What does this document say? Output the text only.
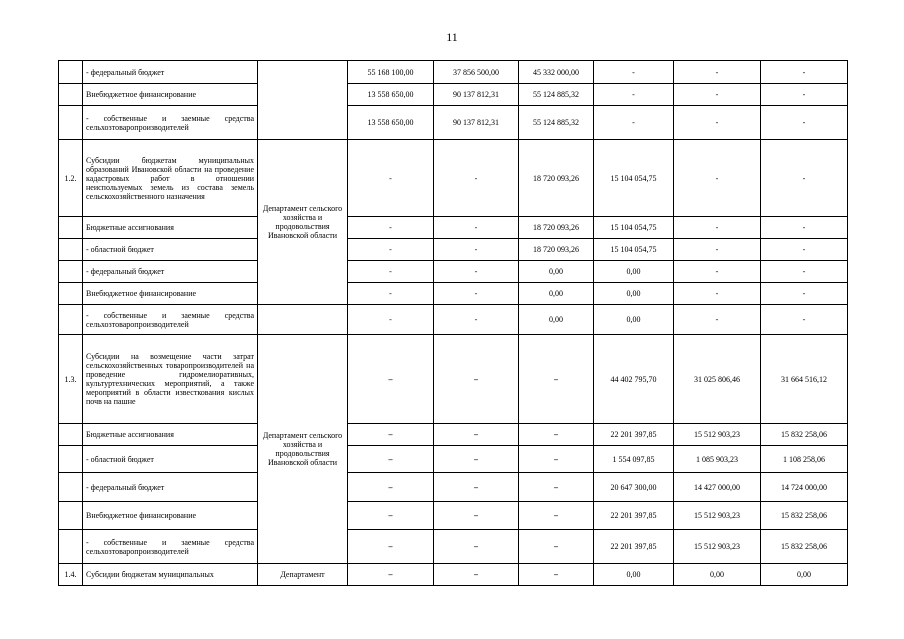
11
	- федеральный бюджет		55 168 100,00	37 856 500,00	45 332 000,00	-	-	-
	Внебюджетное финансирование		13 558 650,00	90 137 812,31	55 124 885,32	-	-	-
	- собственные и заемные средства сельхозтоваропроизводителей		13 558 650,00	90 137 812,31	55 124 885,32	-	-	-
1.2.	Субсидии бюджетам муниципальных образований Ивановской области на проведение кадастровых работ в отношении неиспользуемых земель из состава земель сельскохозяйственного назначения	Департамент сельского хозяйства и продовольствия Ивановской области	-	-	18 720 093,26	15 104 054,75	-	-
	Бюджетные ассигнования		-	-	18 720 093,26	15 104 054,75	-	-
	- областной бюджет		-	-	18 720 093,26	15 104 054,75	-	-
	- федеральный бюджет		-	-	0,00	0,00	-	-
	Внебюджетное финансирование		-	-	0,00	0,00	-	-
	- собственные и заемные средства сельхозтоваропроизводителей		-	-	0,00	0,00	-	-
1.3.	Субсидии на возмещение части затрат сельскохозяйственных товаропроизводителей на проведение гидромелиоративных, культуртехнических мероприятий, а также мероприятий в области известкования кислых почв на пашне	Департамент сельского хозяйства и продовольствия Ивановской области	–	–	–	44 402 795,70	31 025 806,46	31 664 516,12
	Бюджетные ассигнования		–	–	–	22 201 397,85	15 512 903,23	15 832 258,06
	- областной бюджет		–	–	–	1 554 097,85	1 085 903,23	1 108 258,06
	- федеральный бюджет		–	–	–	20 647 300,00	14 427 000,00	14 724 000,00
	Внебюджетное финансирование		–	–	–	22 201 397,85	15 512 903,23	15 832 258,06
	- собственные и заемные средства сельхозтоваропроизводителей		–	–	–	22 201 397,85	15 512 903,23	15 832 258,06
1.4.	Субсидии бюджетам муниципальных	Департамент	–	–	–	0,00	0,00	0,00
